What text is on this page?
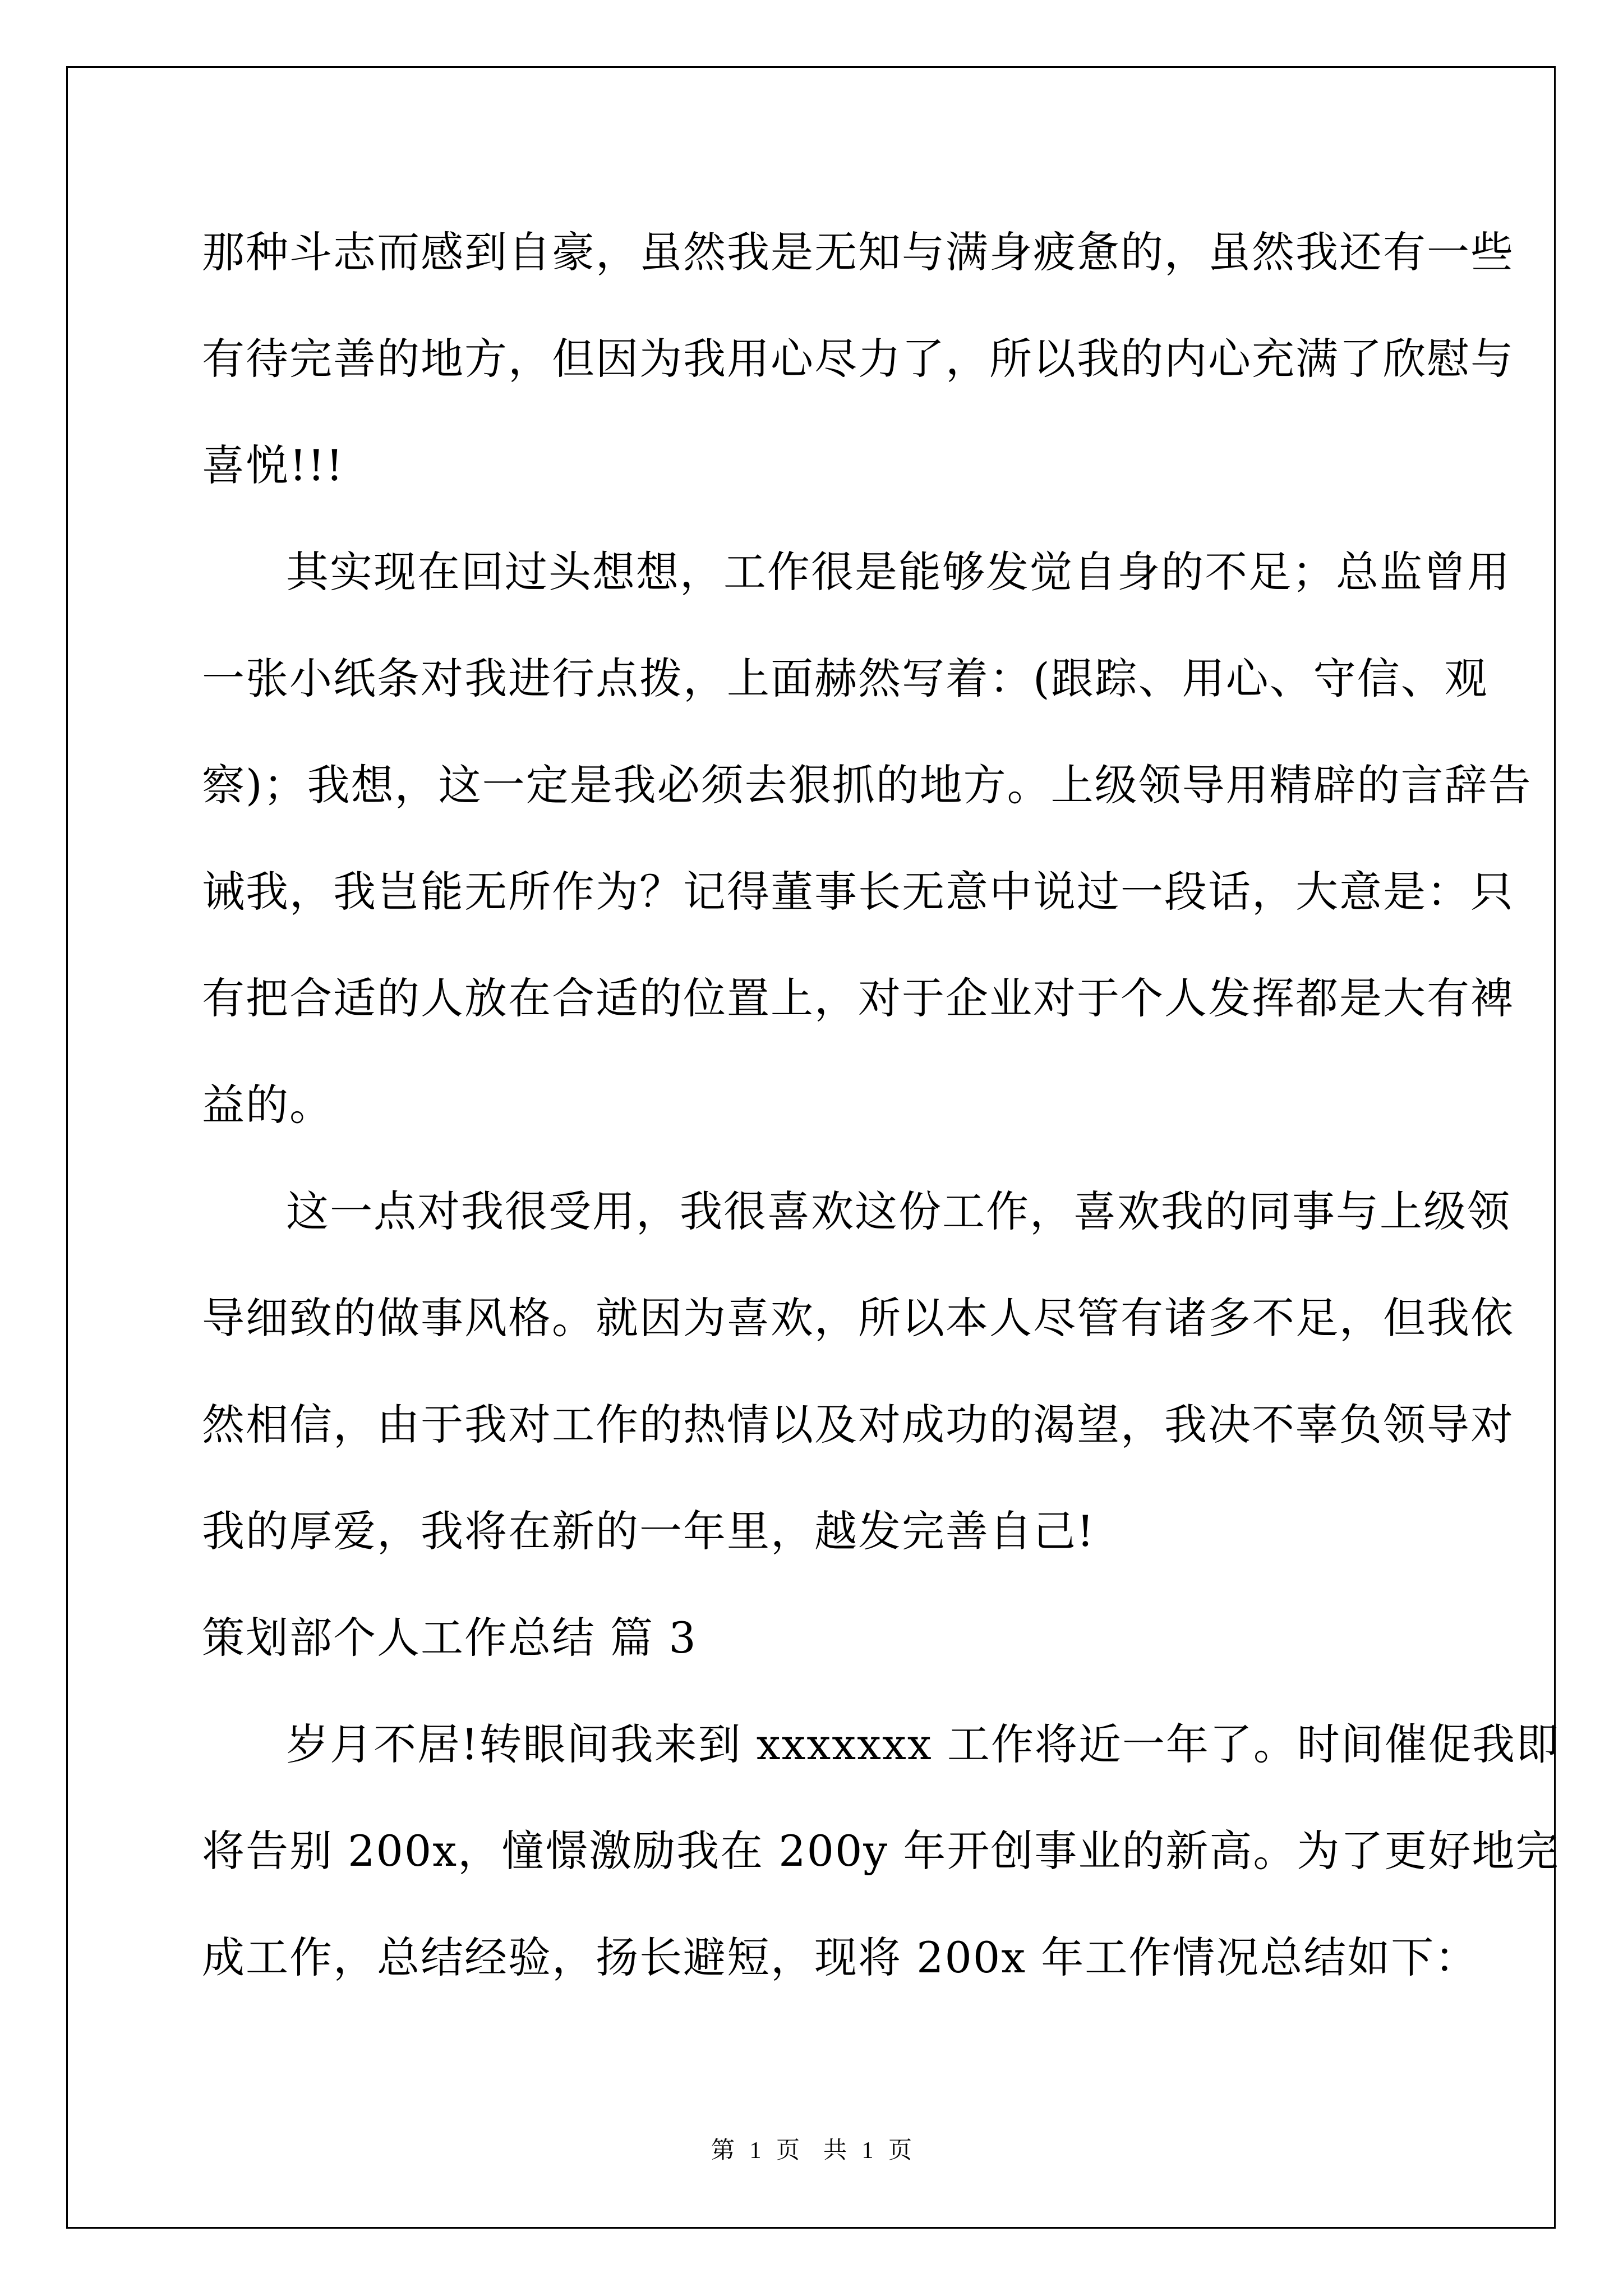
那种斗志而感到自豪，虽然我是无知与满身疲惫的，虽然我还有一些
有待完善的地方，但因为我用心尽力了，所以我的内心充满了欣慰与
喜悦!!!
其实现在回过头想想，工作很是能够发觉自身的不足；总监曾用
一张小纸条对我进行点拨，上面赫然写着：(跟踪、用心、守信、观
察)；我想，这一定是我必须去狠抓的地方。上级领导用精辟的言辞告
诫我，我岂能无所作为？记得董事长无意中说过一段话，大意是：只
有把合适的人放在合适的位置上，对于企业对于个人发挥都是大有裨
益的。
这一点对我很受用，我很喜欢这份工作，喜欢我的同事与上级领
导细致的做事风格。就因为喜欢，所以本人尽管有诸多不足，但我依
然相信，由于我对工作的热情以及对成功的渴望，我决不辜负领导对
我的厚爱，我将在新的一年里，越发完善自己!
策划部个人工作总结 篇 3
岁月不居!转眼间我来到 xxxxxxx 工作将近一年了。时间催促我即
将告别 200x，憧憬激励我在 200y 年开创事业的新高。为了更好地完
成工作，总结经验，扬长避短，现将 200x 年工作情况总结如下：
第 1 页　共 1 页
